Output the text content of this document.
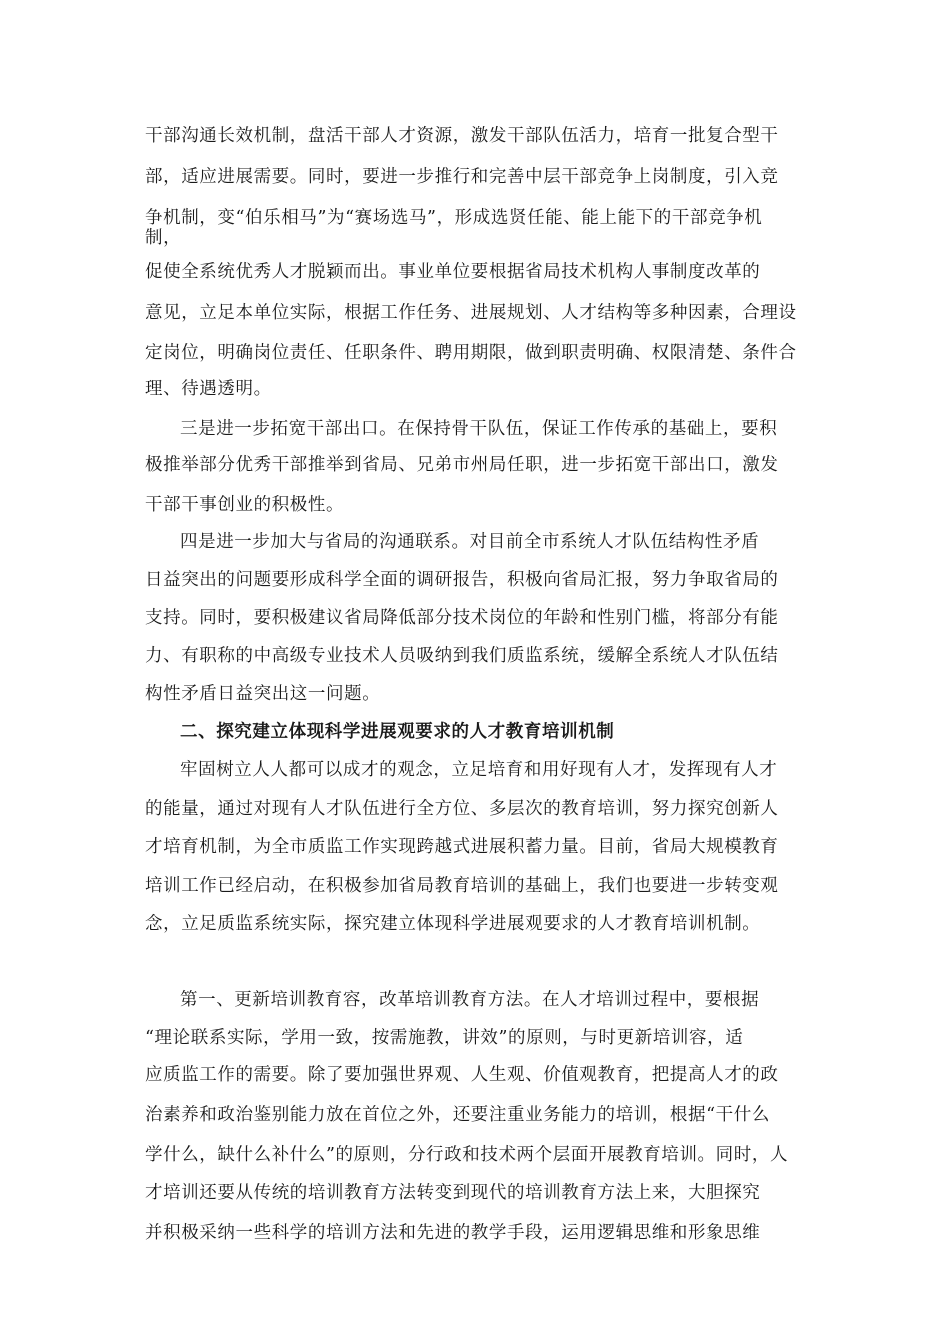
干部沟通长效机制，盘活干部人才资源，激发干部队伍活力，培育一批复合型干
部，适应进展需要。同时，要进一步推行和完善中层干部竞争上岗制度，引入竞
争机制，变“伯乐相马”为“赛场选马”，形成选贤任能、能上能下的干部竞争机
制，
促使全系统优秀人才脱颖而出。事业单位要根据省局技术机构人事制度改革的
意见，立足本单位实际，根据工作任务、进展规划、人才结构等多种因素，合理设
定岗位，明确岗位责任、任职条件、聘用期限，做到职责明确、权限清楚、条件合
理、待遇透明。
三是进一步拓宽干部出口。在保持骨干队伍，保证工作传承的基础上，要积
极推举部分优秀干部推举到省局、兄弟市州局任职，进一步拓宽干部出口，激发
干部干事创业的积极性。
四是进一步加大与省局的沟通联系。对目前全市系统人才队伍结构性矛盾
日益突出的问题要形成科学全面的调研报告，积极向省局汇报，努力争取省局的
支持。同时，要积极建议省局降低部分技术岗位的年龄和性别门槛，将部分有能
力、有职称的中高级专业技术人员吸纳到我们质监系统，缓解全系统人才队伍结
构性矛盾日益突出这一问题。
二、探究建立体现科学进展观要求的人才教育培训机制
牢固树立人人都可以成才的观念，立足培育和用好现有人才，发挥现有人才
的能量，通过对现有人才队伍进行全方位、多层次的教育培训，努力探究创新人
才培育机制，为全市质监工作实现跨越式进展积蓄力量。目前，省局大规模教育
培训工作已经启动，在积极参加省局教育培训的基础上，我们也要进一步转变观
念，立足质监系统实际，探究建立体现科学进展观要求的人才教育培训机制。
第一、更新培训教育容，改革培训教育方法。在人才培训过程中，要根据
“理论联系实际，学用一致，按需施教，讲效”的原则，与时更新培训容，适
应质监工作的需要。除了要加强世界观、人生观、价值观教育，把提高人才的政
治素养和政治鉴别能力放在首位之外，还要注重业务能力的培训，根据“干什么
学什么，缺什么补什么”的原则，分行政和技术两个层面开展教育培训。同时，人
才培训还要从传统的培训教育方法转变到现代的培训教育方法上来，大胆探究
并积极采纳一些科学的培训方法和先进的教学手段，运用逻辑思维和形象思维
